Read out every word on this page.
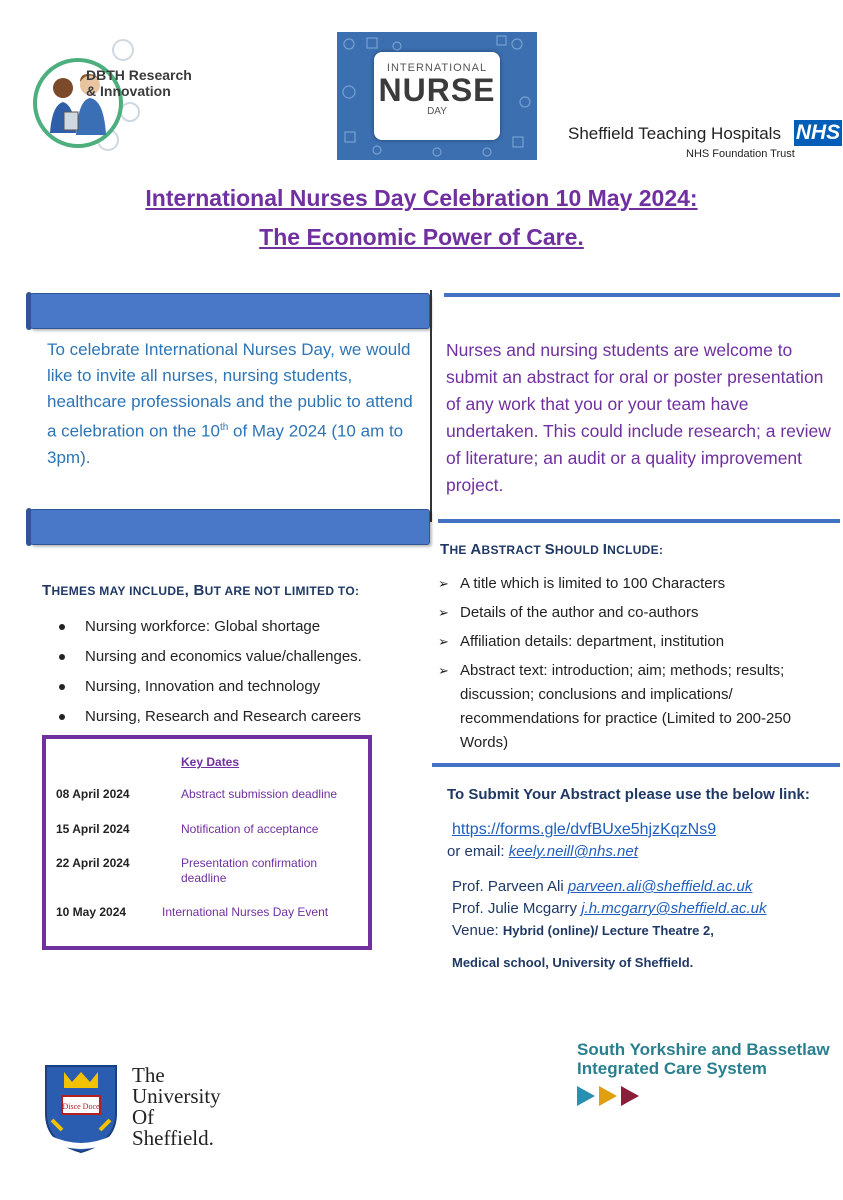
DBTH Research
& Innovation
INTERNATIONAL
NURSE
DAY
Sheffield Teaching Hospitals NHS
NHS Foundation Trust
International Nurses Day Celebration 10 May 2024:
The Economic Power of Care.
To celebrate International Nurses Day, we would like to invite all nurses, nursing students, healthcare professionals and the public to attend a celebration on the 10th of May 2024 (10 am to 3pm).
Nurses and nursing students are welcome to submit an abstract for oral or poster presentation of any work that you or your team have undertaken. This could include research; a review of literature; an audit or a quality improvement project.
THE ABSTRACT SHOULD INCLUDE:
➢ A title which is limited to 100 Characters
➢ Details of the author and co-authors
➢ Affiliation details: department, institution
➢ Abstract text: introduction; aim; methods; results; discussion; conclusions and implications/ recommendations for practice (Limited to 200-250 Words)
THEMES MAY INCLUDE, BUT ARE NOT LIMITED TO:
Nursing workforce: Global shortage
Nursing and economics value/challenges.
Nursing, Innovation and technology
Nursing, Research and Research careers
Key Dates
08 April 2024	Abstract submission deadline
15 April 2024	Notification of acceptance
22 April 2024	Presentation confirmation deadline
10 May 2024	International Nurses Day Event
To Submit Your Abstract please use the below link:
https://forms.gle/dvfBUxe5hjzKqzNs9
or email: keely.neill@nhs.net
Prof. Parveen Ali parveen.ali@sheffield.ac.uk
Prof. Julie Mcgarry j.h.mcgarry@sheffield.ac.uk
Venue: Hybrid (online)/ Lecture Theatre 2,
Medical school, University of Sheffield.
Disce Doce
The
University
Of
Sheffield.
South Yorkshire and Bassetlaw
Integrated Care System
